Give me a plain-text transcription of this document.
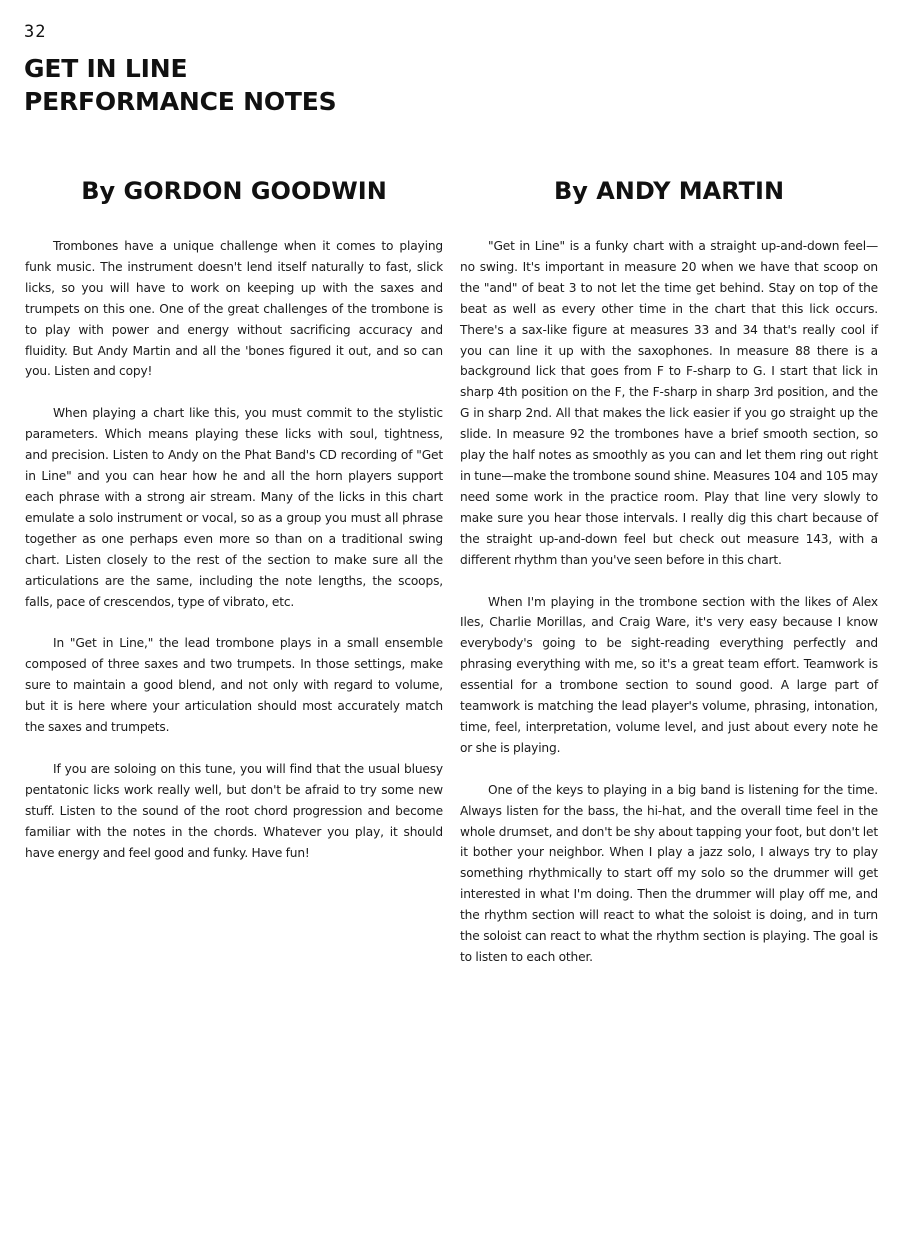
32
GET IN LINE
PERFORMANCE NOTES
By GORDON GOODWIN

Trombones have a unique challenge when it comes to playing funk music. The instrument doesn't lend itself naturally to fast, slick licks, so you will have to work on keeping up with the saxes and trumpets on this one. One of the great challenges of the trombone is to play with power and energy without sacrificing accuracy and fluidity. But Andy Martin and all the 'bones figured it out, and so can you. Listen and copy!

When playing a chart like this, you must commit to the stylistic parameters. Which means playing these licks with soul, tightness, and precision. Listen to Andy on the Phat Band's CD recording of "Get in Line" and you can hear how he and all the horn players support each phrase with a strong air stream. Many of the licks in this chart emulate a solo instrument or vocal, so as a group you must all phrase together as one perhaps even more so than on a traditional swing chart. Listen closely to the rest of the section to make sure all the articulations are the same, including the note lengths, the scoops, falls, pace of crescendos, type of vibrato, etc.

In "Get in Line," the lead trombone plays in a small ensemble composed of three saxes and two trumpets. In those settings, make sure to maintain a good blend, and not only with regard to volume, but it is here where your articulation should most accurately match the saxes and trumpets.

If you are soloing on this tune, you will find that the usual bluesy pentatonic licks work really well, but don't be afraid to try some new stuff. Listen to the sound of the root chord progression and become familiar with the notes in the chords. Whatever you play, it should have energy and feel good and funky. Have fun!

By ANDY MARTIN

"Get in Line" is a funky chart with a straight up-and-down feel—no swing. It's important in measure 20 when we have that scoop on the "and" of beat 3 to not let the time get behind. Stay on top of the beat as well as every other time in the chart that this lick occurs. There's a sax-like figure at measures 33 and 34 that's really cool if you can line it up with the saxophones. In measure 88 there is a background lick that goes from F to F-sharp to G. I start that lick in sharp 4th position on the F, the F-sharp in sharp 3rd position, and the G in sharp 2nd. All that makes the lick easier if you go straight up the slide. In measure 92 the trombones have a brief smooth section, so play the half notes as smoothly as you can and let them ring out right in tune—make the trombone sound shine. Measures 104 and 105 may need some work in the practice room. Play that line very slowly to make sure you hear those intervals. I really dig this chart because of the straight up-and-down feel but check out measure 143, with a different rhythm than you've seen before in this chart.

When I'm playing in the trombone section with the likes of Alex Iles, Charlie Morillas, and Craig Ware, it's very easy because I know everybody's going to be sight-reading everything perfectly and phrasing everything with me, so it's a great team effort. Teamwork is essential for a trombone section to sound good. A large part of teamwork is matching the lead player's volume, phrasing, intonation, time, feel, interpretation, volume level, and just about every note he or she is playing.

One of the keys to playing in a big band is listening for the time. Always listen for the bass, the hi-hat, and the overall time feel in the whole drumset, and don't be shy about tapping your foot, but don't let it bother your neighbor. When I play a jazz solo, I always try to play something rhythmically to start off my solo so the drummer will get interested in what I'm doing. Then the drummer will play off me, and the rhythm section will react to what the soloist is doing, and in turn the soloist can react to what the rhythm section is playing. The goal is to listen to each other.
